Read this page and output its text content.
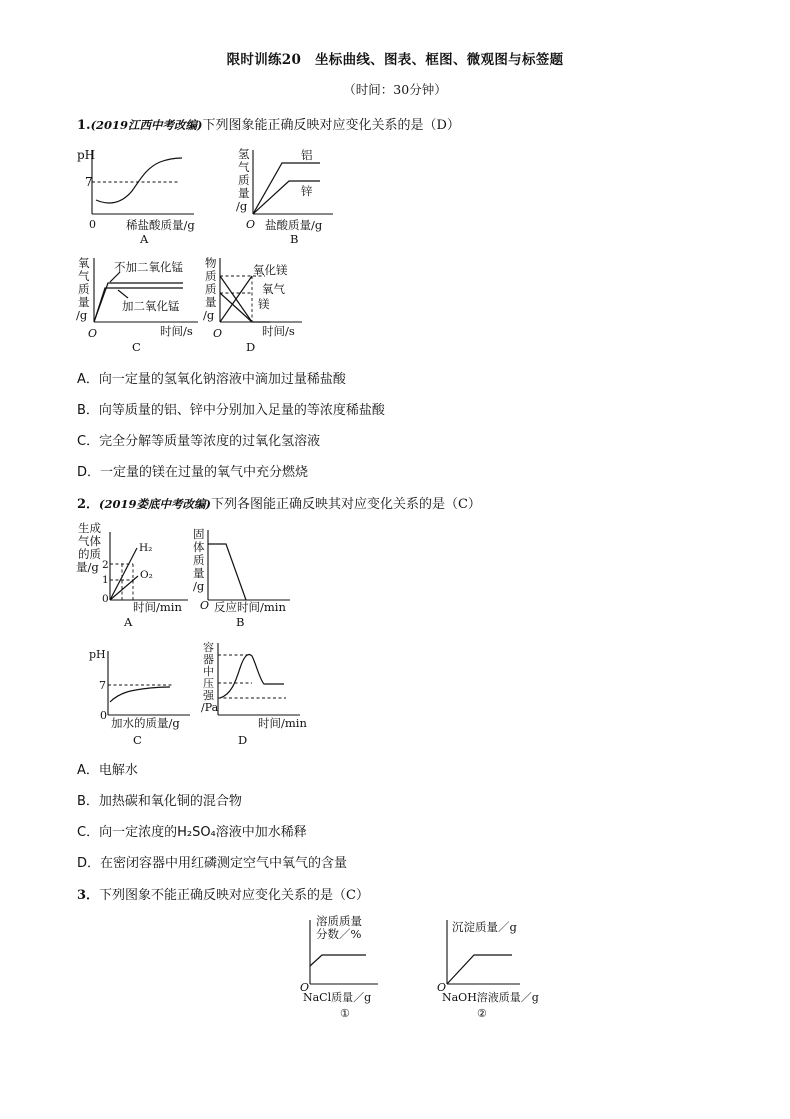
限时训练20　坐标曲线、图表、框图、微观图与标签题
（时间：30分钟）
1.(2019江西中考改编)下列图象能正确反映对应变化关系的是（D）
pH
7
0	稀盐酸质量/g
A
氢
气
质
量
/g
铝
锌
O 盐酸质量/g
B
氧
气
质
量
/g
不加二氧化锰
加二氧化锰
O	时间/s
C
物
质
质
量
/g
氧化镁
氧气
镁
O	时间/s
D
生成
气体
的质
量/g 2
1
0
H₂
O₂
时间/min
A
固
体
质
量
/g
O 反应时间/min
B
pH
7
0
加水的质量/g
C
容
器
中
压
强
/Pa
时间/min
D
溶质质量
分数／%
O
NaCl质量／g
①
沉淀质量／g
O
NaOH溶液质量／g
②
A．向一定量的氢氧化钠溶液中滴加过量稀盐酸
B．向等质量的铝、锌中分别加入足量的等浓度稀盐酸
C．完全分解等质量等浓度的过氧化氢溶液
D．一定量的镁在过量的氧气中充分燃烧
2．(2019娄底中考改编)下列各图能正确反映其对应变化关系的是（C）
A．电解水
B．加热碳和氧化铜的混合物
C．向一定浓度的H₂SO₄溶液中加水稀释
D．在密闭容器中用红磷测定空气中氧气的含量
3．下列图象不能正确反映对应变化关系的是（C）
